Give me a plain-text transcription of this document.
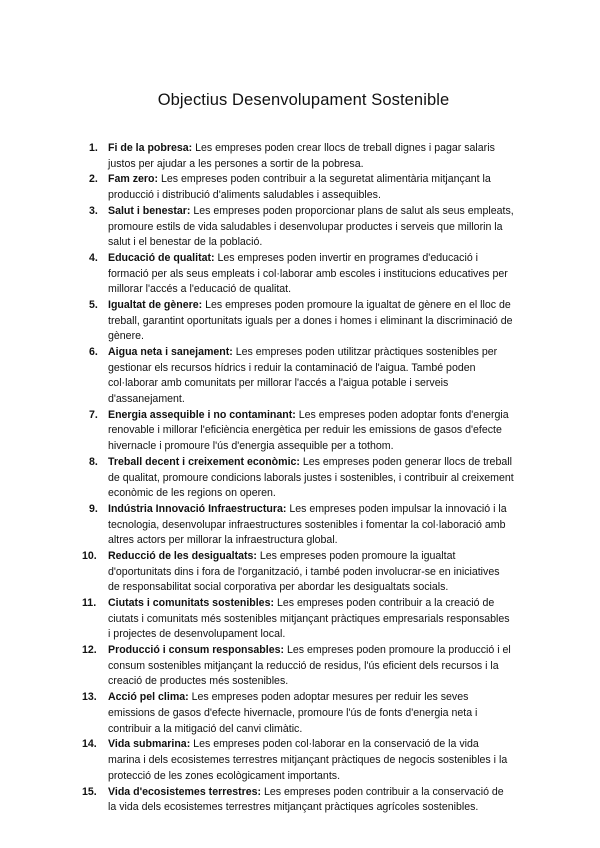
Objectius Desenvolupament Sostenible
1. Fi de la pobresa: Les empreses poden crear llocs de treball dignes i pagar salaris justos per ajudar a les persones a sortir de la pobresa.
2. Fam zero: Les empreses poden contribuir a la seguretat alimentària mitjançant la producció i distribució d'aliments saludables i assequibles.
3. Salut i benestar: Les empreses poden proporcionar plans de salut als seus empleats, promoure estils de vida saludables i desenvolupar productes i serveis que millorin la salut i el benestar de la població.
4. Educació de qualitat: Les empreses poden invertir en programes d'educació i formació per als seus empleats i col·laborar amb escoles i institucions educatives per millorar l'accés a l'educació de qualitat.
5. Igualtat de gènere: Les empreses poden promoure la igualtat de gènere en el lloc de treball, garantint oportunitats iguals per a dones i homes i eliminant la discriminació de gènere.
6. Aigua neta i sanejament: Les empreses poden utilitzar pràctiques sostenibles per gestionar els recursos hídrics i reduir la contaminació de l'aigua. També poden col·laborar amb comunitats per millorar l'accés a l'aigua potable i serveis d'assanejament.
7. Energia assequible i no contaminant: Les empreses poden adoptar fonts d'energia renovable i millorar l'eficiència energètica per reduir les emissions de gasos d'efecte hivernacle i promoure l'ús d'energia assequible per a tothom.
8. Treball decent i creixement econòmic: Les empreses poden generar llocs de treball de qualitat, promoure condicions laborals justes i sostenibles, i contribuir al creixement econòmic de les regions on operen.
9. Indústria Innovació Infraestructura: Les empreses poden impulsar la innovació i la tecnologia, desenvolupar infraestructures sostenibles i fomentar la col·laboració amb altres actors per millorar la infraestructura global.
10. Reducció de les desigualtats: Les empreses poden promoure la igualtat d'oportunitats dins i fora de l'organització, i també poden involucrar-se en iniciatives de responsabilitat social corporativa per abordar les desigualtats socials.
11. Ciutats i comunitats sostenibles: Les empreses poden contribuir a la creació de ciutats i comunitats més sostenibles mitjançant pràctiques empresarials responsables i projectes de desenvolupament local.
12. Producció i consum responsables: Les empreses poden promoure la producció i el consum sostenibles mitjançant la reducció de residus, l'ús eficient dels recursos i la creació de productes més sostenibles.
13. Acció pel clima: Les empreses poden adoptar mesures per reduir les seves emissions de gasos d'efecte hivernacle, promoure l'ús de fonts d'energia neta i contribuir a la mitigació del canvi climàtic.
14. Vida submarina: Les empreses poden col·laborar en la conservació de la vida marina i dels ecosistemes terrestres mitjançant pràctiques de negocis sostenibles i la protecció de les zones ecològicament importants.
15. Vida d'ecosistemes terrestres: Les empreses poden contribuir a la conservació de la vida dels ecosistemes terrestres mitjançant pràctiques agrícoles sostenibles.
